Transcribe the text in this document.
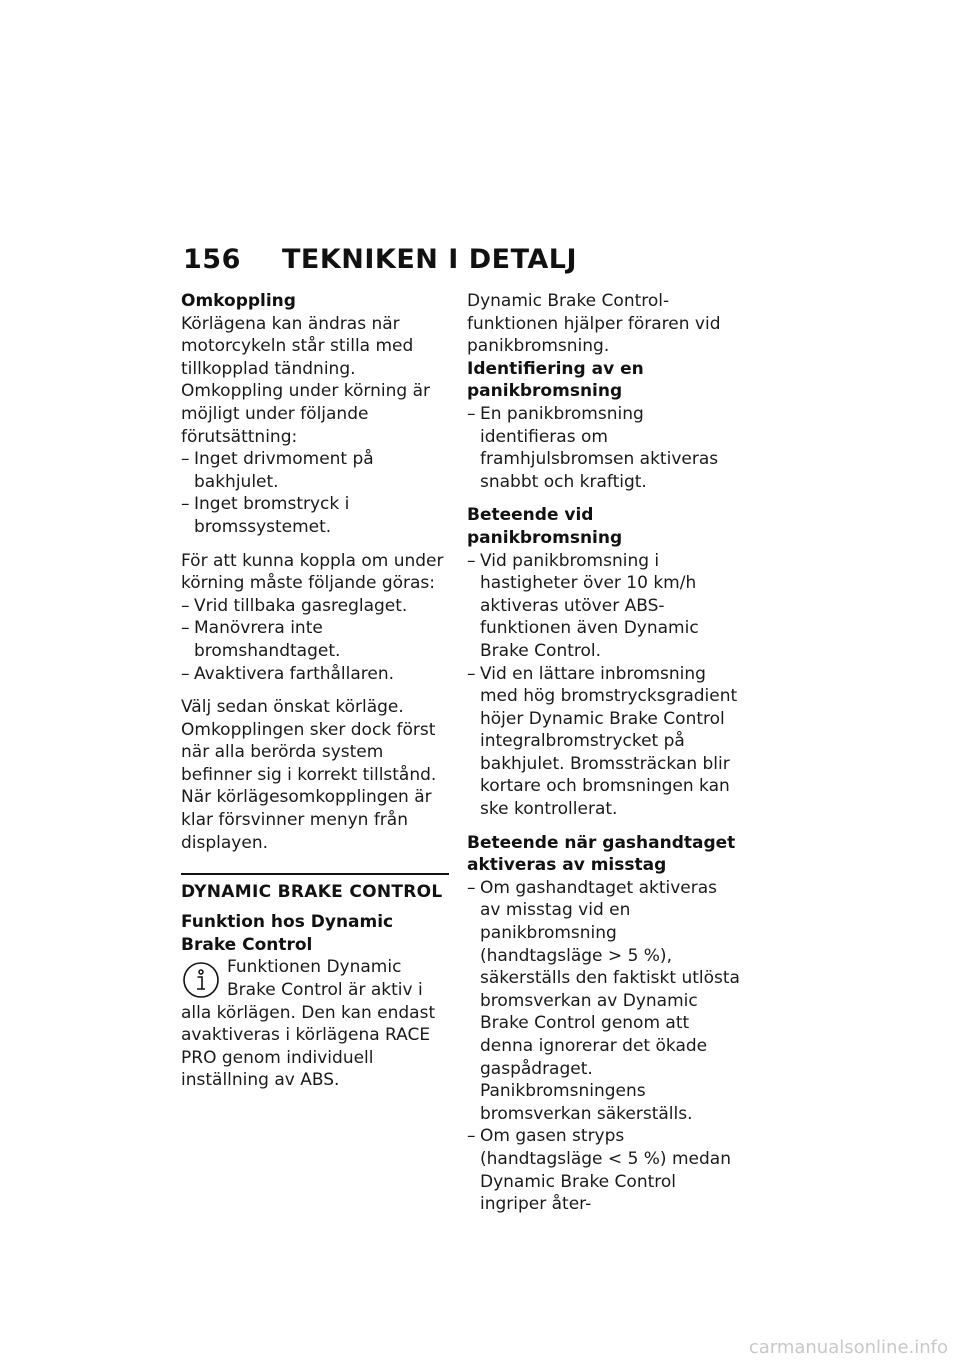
156 TEKNIKEN I DETALJ

Omkoppling

Körlägena kan ändras när motorcykeln står stilla med tillkopplad tändning. Omkoppling under körning är möjligt under följande förutsättning:

– Inget drivmoment på bakhjulet.
– Inget bromstryck i bromssystemet.

För att kunna koppla om under körning måste följande göras:

– Vrid tillbaka gasreglaget.
– Manövrera inte bromshandtaget.
– Avaktivera farthållaren.

Välj sedan önskat körläge. Omkopplingen sker dock först när alla berörda system befinner sig i korrekt tillstånd.

När körlägesomkopplingen är klar försvinner menyn från displayen.

DYNAMIC BRAKE CONTROL

Funktion hos Dynamic Brake Control

Funktionen Dynamic Brake Control är aktiv i alla körlägen. Den kan endast avaktiveras i körlägena RACE PRO genom individuell inställning av ABS.

Dynamic Brake Control-funktionen hjälper föraren vid panikbromsning.

Identifiering av en panikbromsning

– En panikbromsning identifieras om framhjulsbromsen aktiveras snabbt och kraftigt.

Beteende vid panikbromsning

– Vid panikbromsning i hastigheter över 10 km/h aktiveras utöver ABS-funktionen även Dynamic Brake Control.
– Vid en lättare inbromsning med hög bromstrycksgradient höjer Dynamic Brake Control integralbromstrycket på bakhjulet. Bromssträckan blir kortare och bromsningen kan ske kontrollerat.

Beteende när gashandtaget aktiveras av misstag

– Om gashandtaget aktiveras av misstag vid en panikbromsning (handtagsläge > 5 %), säkerställs den faktiskt utlösta bromsverkan av Dynamic Brake Control genom att denna ignorerar det ökade gaspådraget. Panikbromsningens bromsverkan säkerställs.
– Om gasen stryps (handtagsläge < 5 %) medan Dynamic Brake Control ingriper åter-
carmanualsonline.info
